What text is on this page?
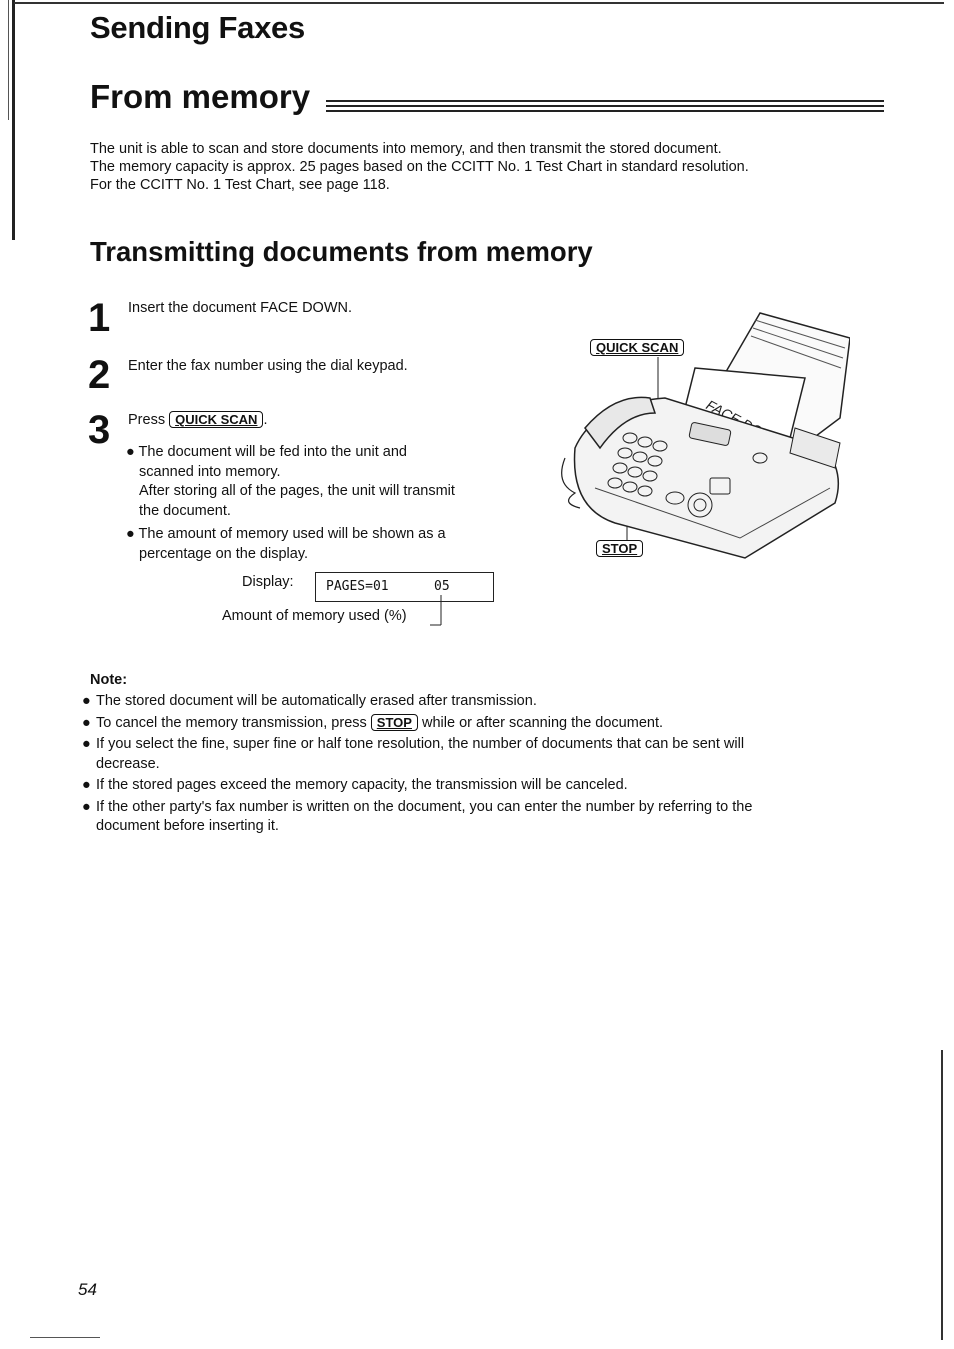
Sending Faxes
From memory

The unit is able to scan and store documents into memory, and then transmit the stored document.

The memory capacity is approx. 25 pages based on the CCITT No. 1 Test Chart in standard resolution.

For the CCITT No. 1 Test Chart, see page 118.

Transmitting documents from memory
1 Insert the document FACE DOWN.
2 Enter the fax number using the dial keypad.
3 Press QUICK SCAN .
● The document will be fed into the unit and
scanned into memory.
After storing all of the pages, the unit will transmit
the document.
● The amount of memory used will be shown as a
percentage on the display.
Display: PAGES=01	05
Amount of memory used (%)
QUICK SCAN
STOP
Note:
● The stored document will be automatically erased after transmission.
● To cancel the memory transmission, press STOP while or after scanning the document.
● If you select the fine, super fine or half tone resolution, the number of documents that can be sent will
decrease.
● If the stored pages exceed the memory capacity, the transmission will be canceled.
● If the other party's fax number is written on the document, you can enter the number by referring to the
document before inserting it.
54
